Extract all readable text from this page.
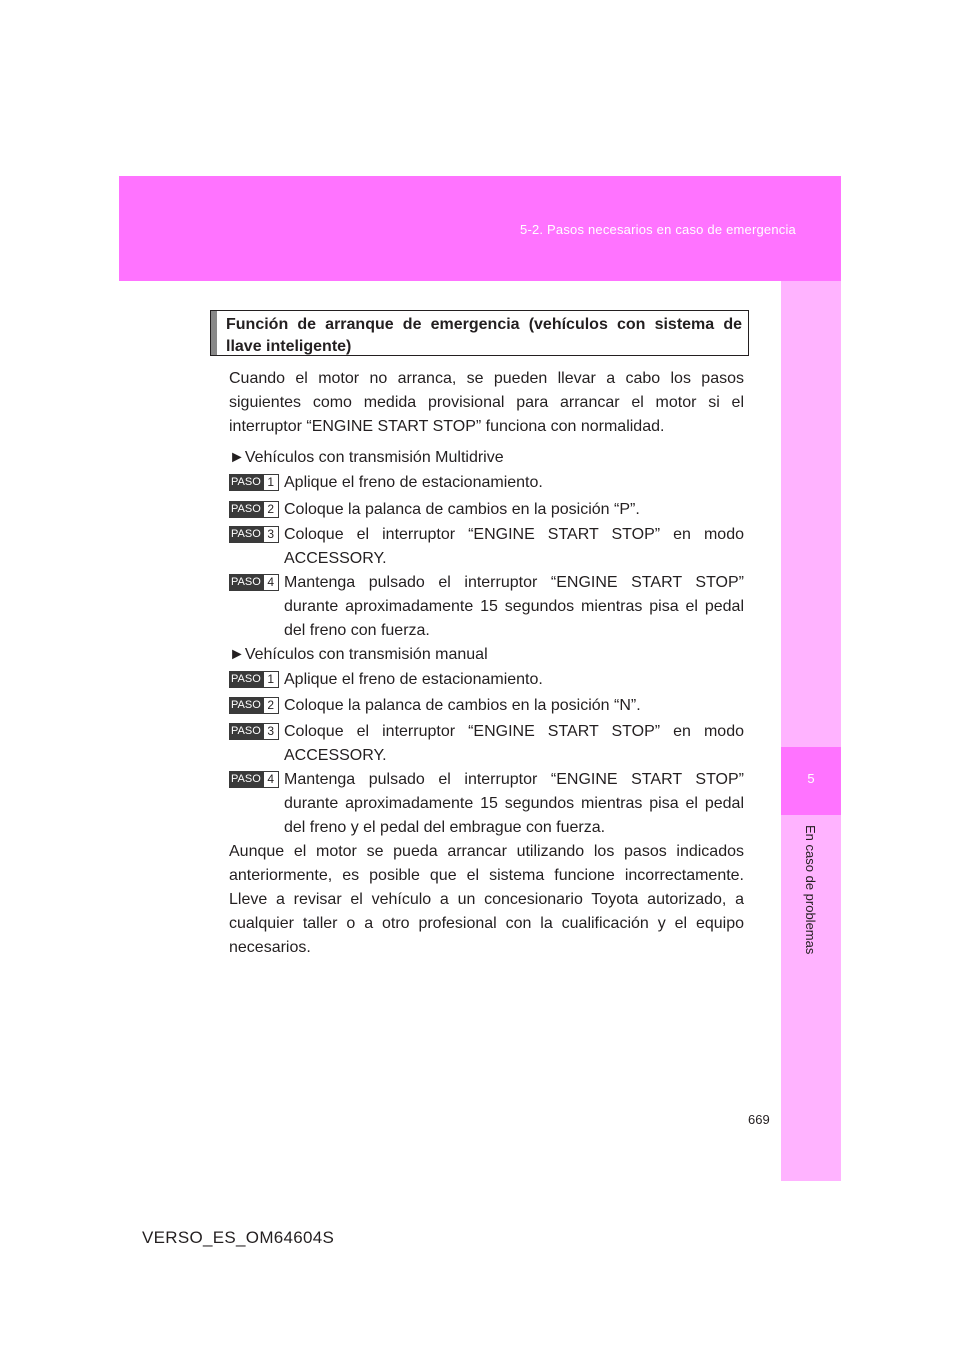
5-2. Pasos necesarios en caso de emergencia
5
En caso de problemas
Función de arranque de emergencia (vehículos con sistema de llave inteligente)
Cuando el motor no arranca, se pueden llevar a cabo los pasos siguientes como medida provisional para arrancar el motor si el interruptor “ENGINE START STOP” funciona con normalidad.
►Vehículos con transmisión Multidrive
PASO 1 Aplique el freno de estacionamiento.
PASO 2 Coloque la palanca de cambios en la posición “P”.
PASO 3 Coloque el interruptor “ENGINE START STOP” en modo ACCESSORY.
PASO 4 Mantenga pulsado el interruptor “ENGINE START STOP” durante aproximadamente 15 segundos mientras pisa el pedal del freno con fuerza.
►Vehículos con transmisión manual
PASO 1 Aplique el freno de estacionamiento.
PASO 2 Coloque la palanca de cambios en la posición “N”.
PASO 3 Coloque el interruptor “ENGINE START STOP” en modo ACCESSORY.
PASO 4 Mantenga pulsado el interruptor “ENGINE START STOP” durante aproximadamente 15 segundos mientras pisa el pedal del freno y el pedal del embrague con fuerza.
Aunque el motor se pueda arrancar utilizando los pasos indicados anteriormente, es posible que el sistema funcione incorrectamente. Lleve a revisar el vehículo a un concesionario Toyota autorizado, a cualquier taller o a otro profesional con la cualificación y el equipo necesarios.
669
VERSO_ES_OM64604S
